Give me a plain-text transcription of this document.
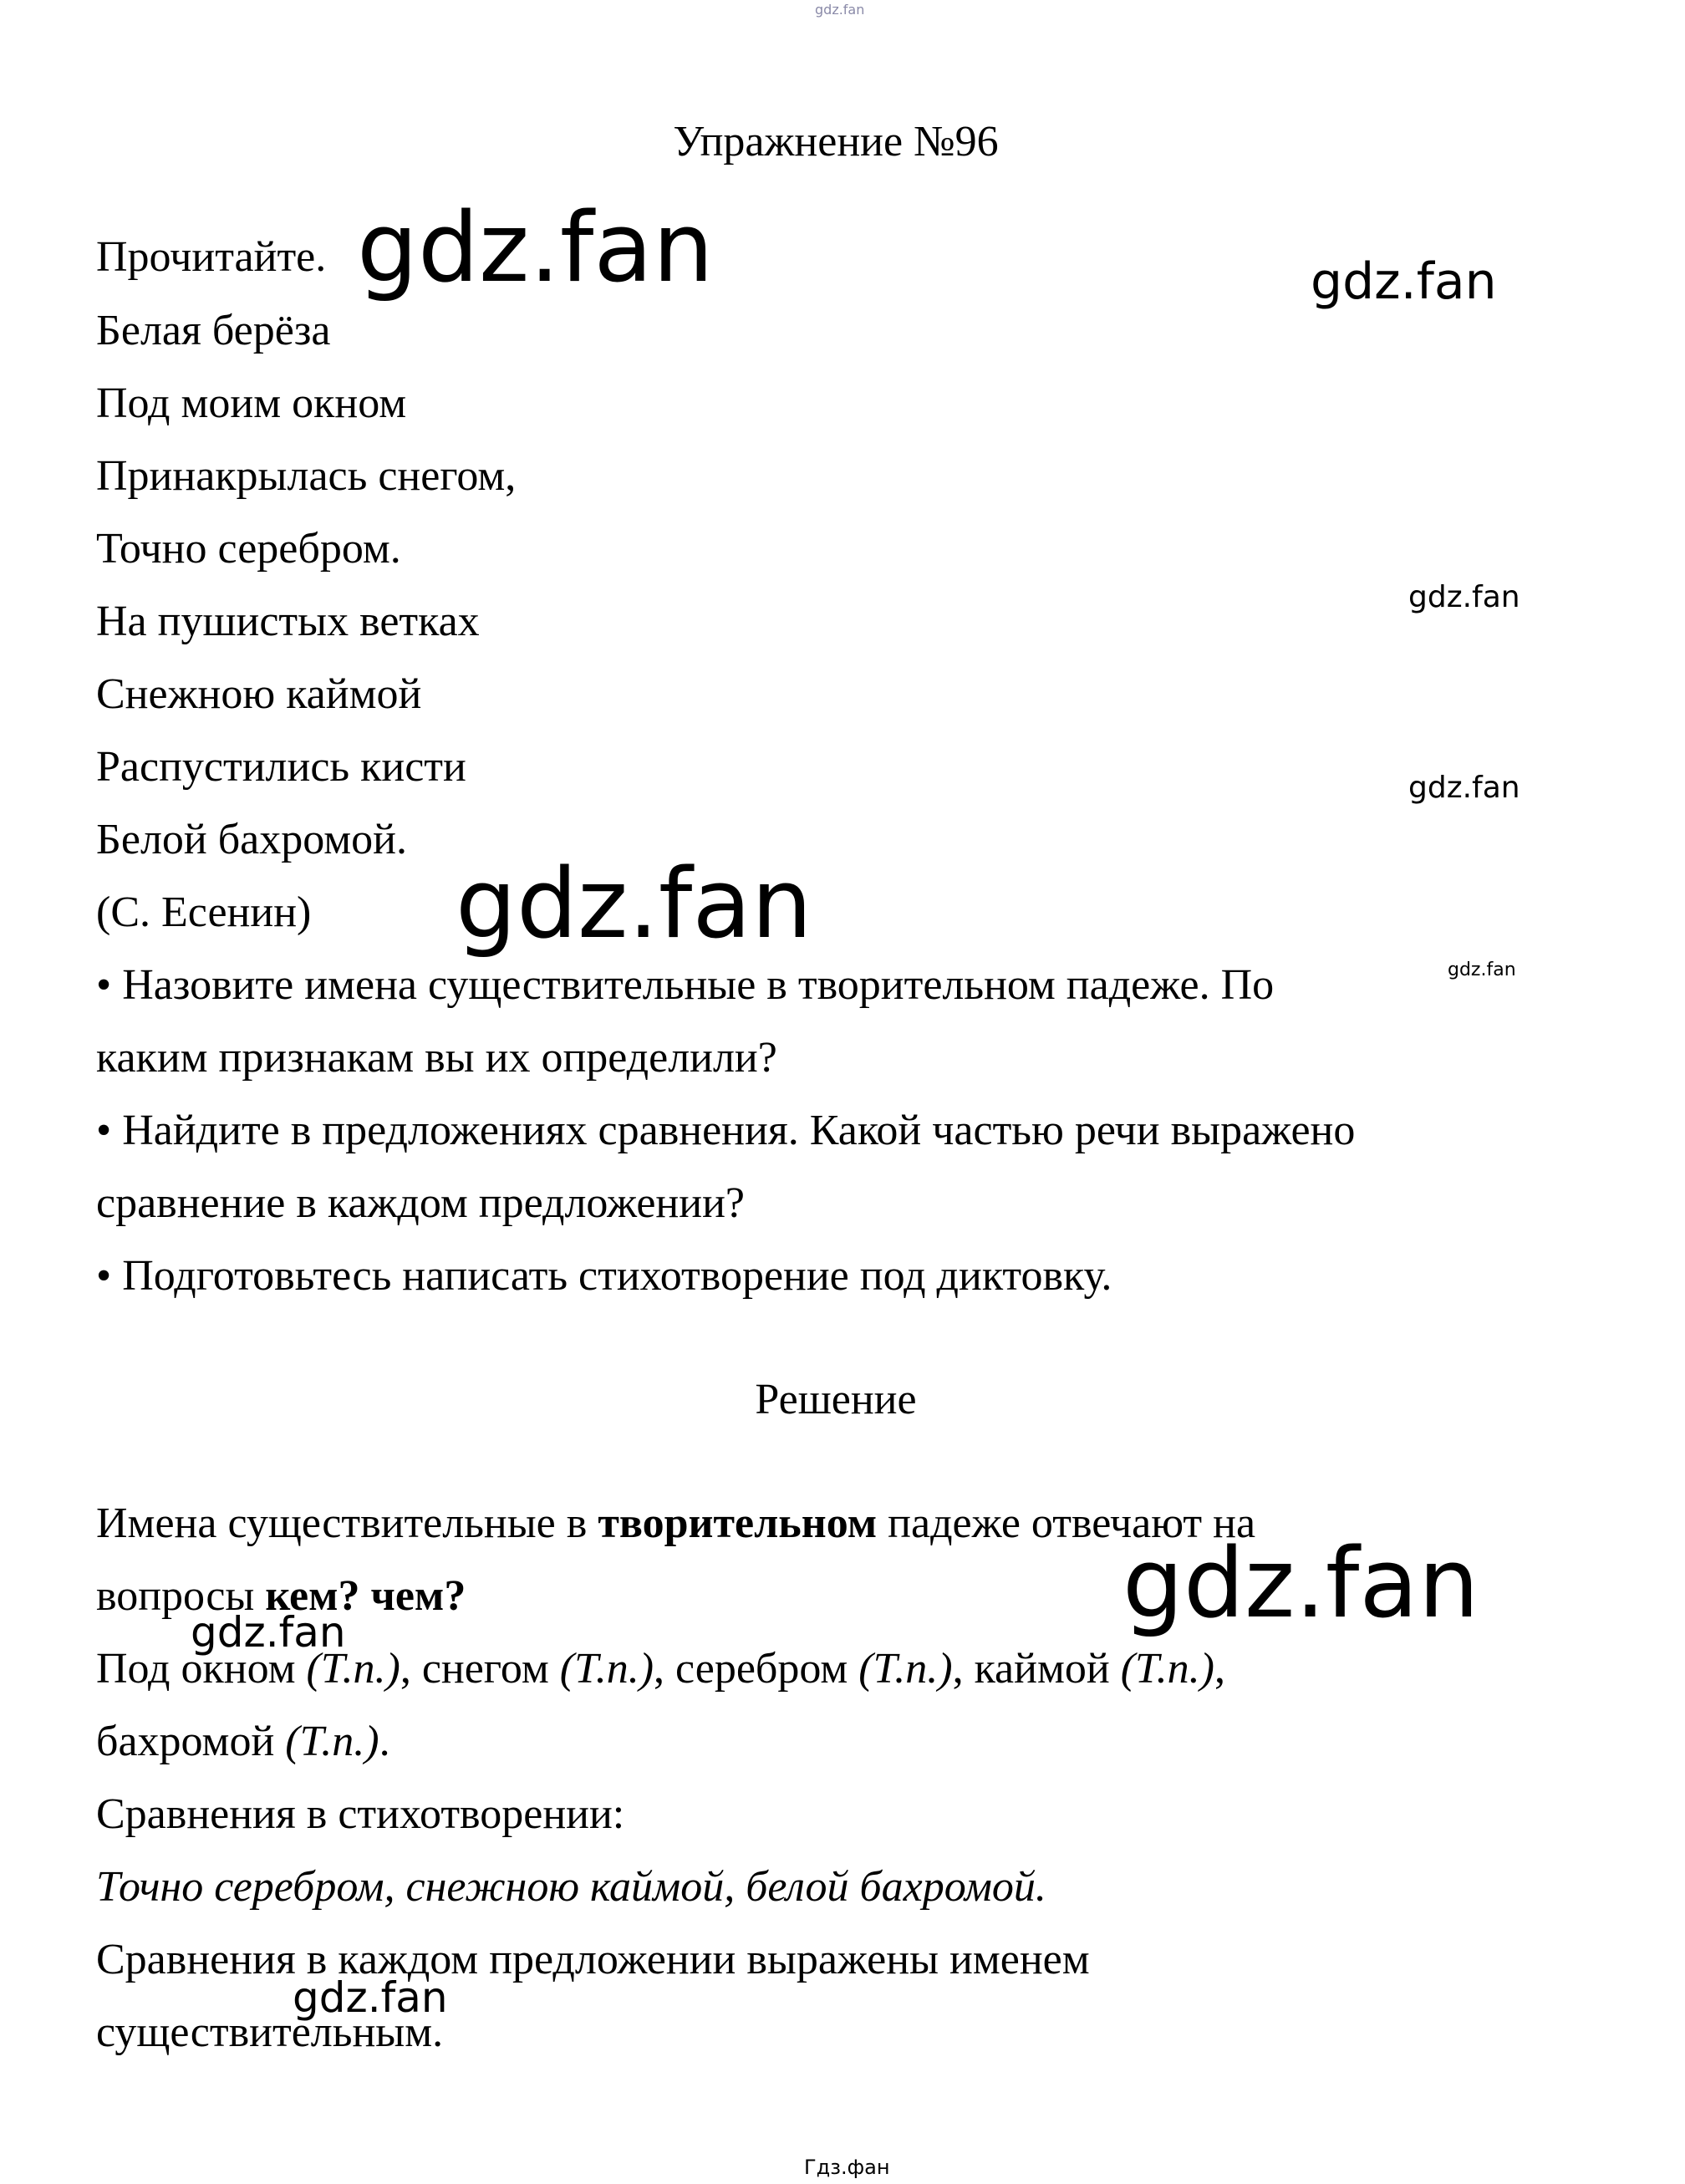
gdz.fan
Упражнение №96
Прочитайте.
Белая берёза
Под моим окном
Принакрылась снегом,
Точно серебром.
На пушистых ветках
Снежною каймой
Распустились кисти
Белой бахромой.
(С. Есенин)
• Назовите имена существительные в творительном падеже. По
каким признакам вы их определили?
• Найдите в предложениях сравнения. Какой частью речи выражено
сравнение в каждом предложении?
• Подготовьтесь написать стихотворение под диктовку.
Решение
Имена существительные в творительном падеже отвечают на
вопросы кем? чем?
Под окном (Т.п.), снегом (Т.п.), серебром (Т.п.), каймой (Т.п.),
бахромой (Т.п.).
Сравнения в стихотворении:
Точно серебром, снежною каймой, белой бахромой.
Сравнения в каждом предложении выражены именем
существительным.
gdz.fan	gdz.fan
gdz.fan
gdz.fan
gdz.fan
gdz.fan
gdz.fan
gdz.fan
gdz.fan
Гдз.фан
